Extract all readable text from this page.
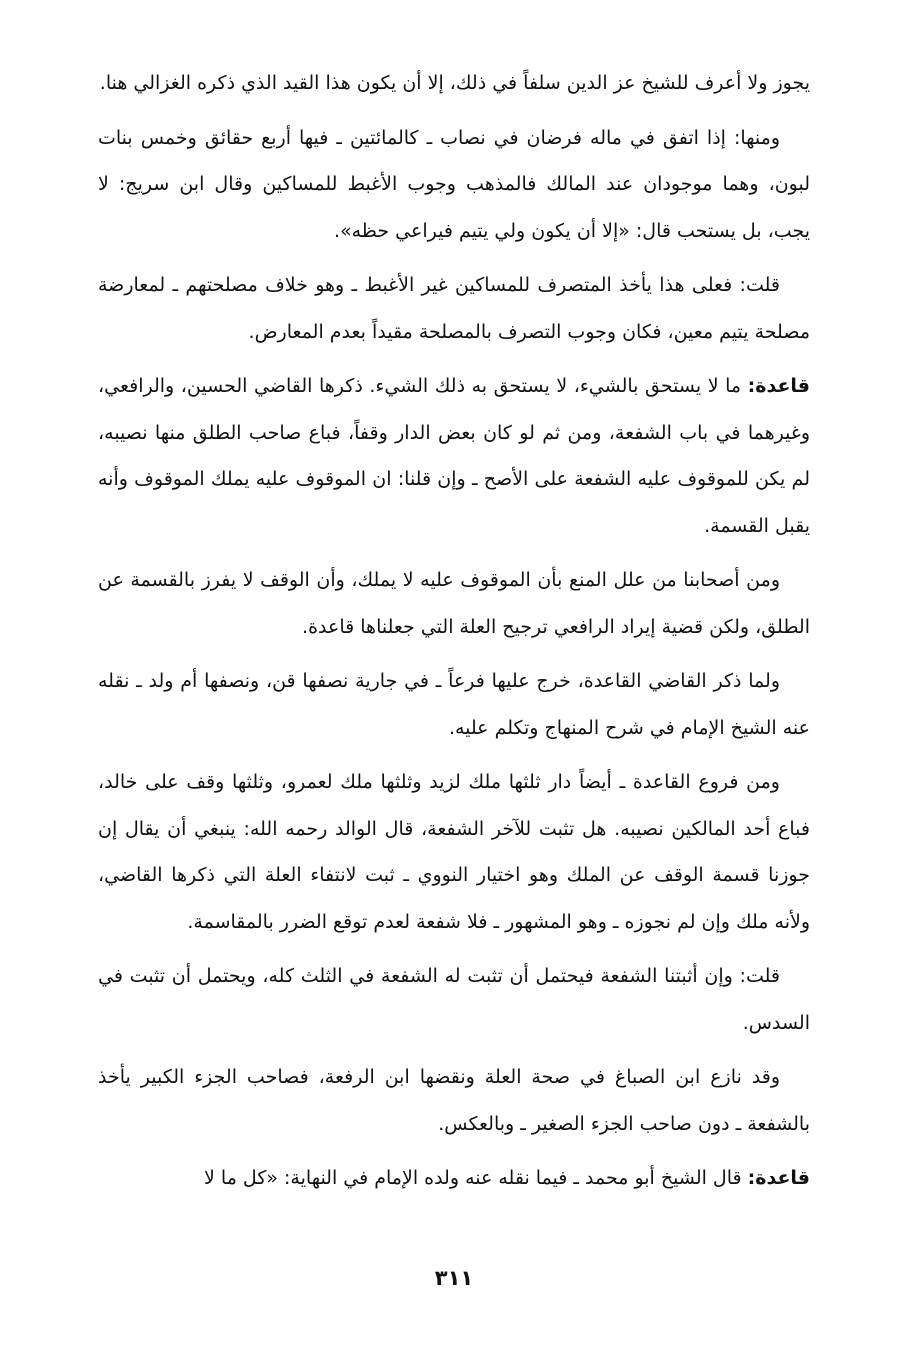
يجوز ولا أعرف للشيخ عز الدين سلفاً في ذلك، إلا أن يكون هذا القيد الذي ذكره الغزالي هنا.

ومنها: إذا اتفق في ماله فرضان في نصاب ـ كالمائتين ـ فيها أربع حقائق وخمس بنات لبون، وهما موجودان عند المالك فالمذهب وجوب الأغبط للمساكين وقال ابن سريج: لا يجب، بل يستحب قال: «إلا أن يكون ولي يتيم فيراعي حظه».

قلت: فعلى هذا يأخذ المتصرف للمساكين غير الأغبط ـ وهو خلاف مصلحتهم ـ لمعارضة مصلحة يتيم معين، فكان وجوب التصرف بالمصلحة مقيداً بعدم المعارض.

قاعدة: ما لا يستحق بالشيء، لا يستحق به ذلك الشيء. ذكرها القاضي الحسين، والرافعي، وغيرهما في باب الشفعة، ومن ثم لو كان بعض الدار وقفاً، فباع صاحب الطلق منها نصيبه، لم يكن للموقوف عليه الشفعة على الأصح ـ وإن قلنا: ان الموقوف عليه يملك الموقوف وأنه يقبل القسمة.

ومن أصحابنا من علل المنع بأن الموقوف عليه لا يملك، وأن الوقف لا يفرز بالقسمة عن الطلق، ولكن قضية إيراد الرافعي ترجيح العلة التي جعلناها قاعدة.

ولما ذكر القاضي القاعدة، خرج عليها فرعاً ـ في جارية نصفها قن، ونصفها أم ولد ـ نقله عنه الشيخ الإمام في شرح المنهاج وتكلم عليه.

ومن فروع القاعدة ـ أيضاً دار ثلثها ملك لزيد وثلثها ملك لعمرو، وثلثها وقف على خالد، فباع أحد المالكين نصيبه. هل تثبت للآخر الشفعة، قال الوالد رحمه الله: ينبغي أن يقال إن جوزنا قسمة الوقف عن الملك وهو اختيار النووي ـ ثبت لانتفاء العلة التي ذكرها القاضي، ولأنه ملك وإن لم نجوزه ـ وهو المشهور ـ فلا شفعة لعدم توقع الضرر بالمقاسمة.

قلت: وإن أثبتنا الشفعة فيحتمل أن تثبت له الشفعة في الثلث كله، ويحتمل أن تثبت في السدس.

وقد نازع ابن الصباغ في صحة العلة ونقضها ابن الرفعة، فصاحب الجزء الكبير يأخذ بالشفعة ـ دون صاحب الجزء الصغير ـ وبالعكس.

قاعدة: قال الشيخ أبو محمد ـ فيما نقله عنه ولده الإمام في النهاية: «كل ما لا

٣١١
